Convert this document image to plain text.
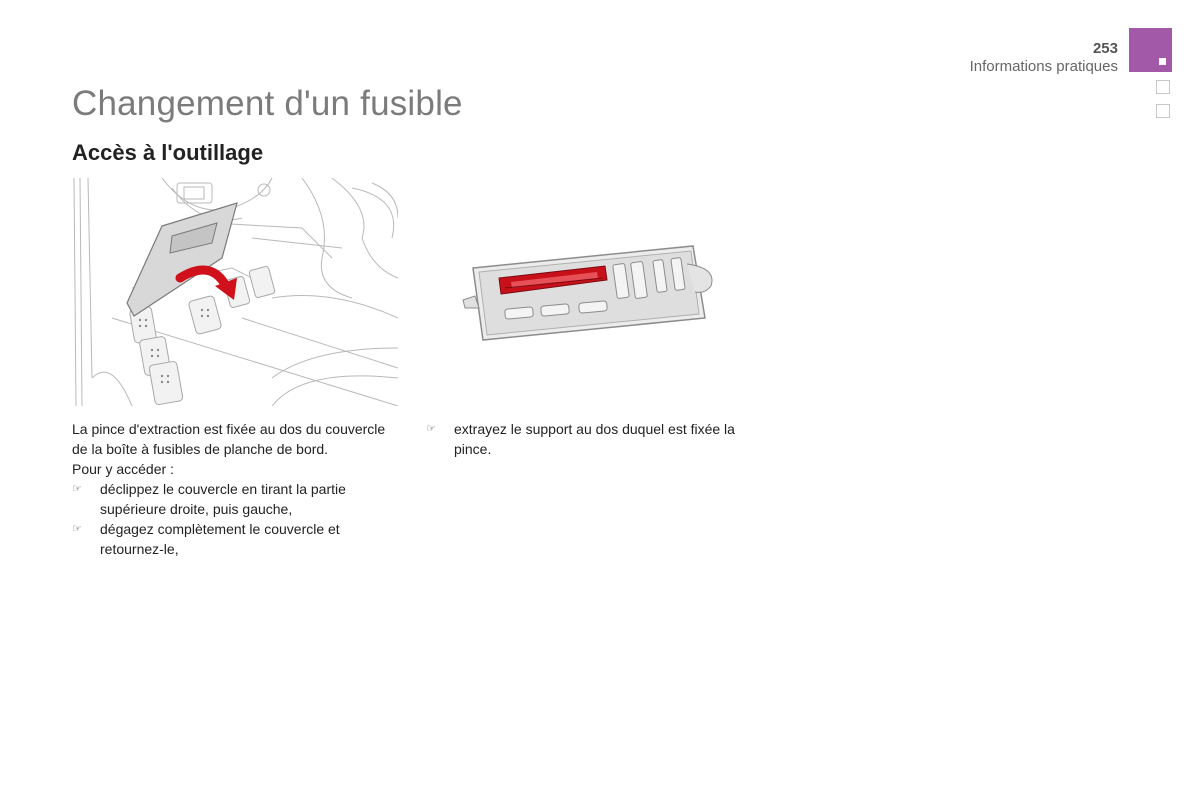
253
Informations pratiques
Changement d'un fusible
Accès à l'outillage

La pince d'extraction est fixée au dos du couvercle de la boîte à fusibles de planche de bord.

Pour y accéder :

☞ déclippez le couvercle en tirant la partie supérieure droite, puis gauche,

☞ dégagez complètement le couvercle et retournez-le,

☞ extrayez le support au dos duquel est fixée la pince.
